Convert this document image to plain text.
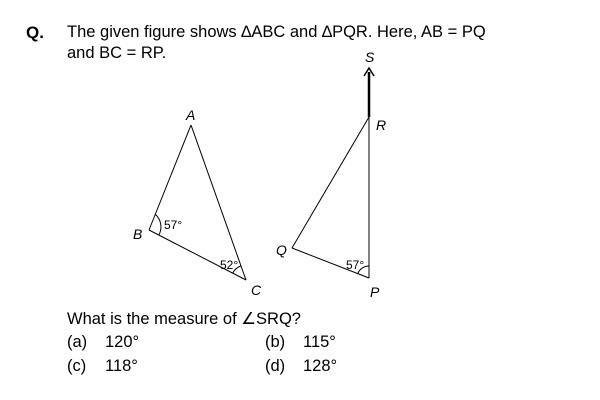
Q. The given figure shows ∆ABC and ∆PQR. Here, AB = PQ
and BC = RP.
A
B
C	P
Q
R
S
57°
52°	57°
What is the measure of ∠SRQ?
(a) 120°	(b) 115°
(c) 118°	(d) 128°
